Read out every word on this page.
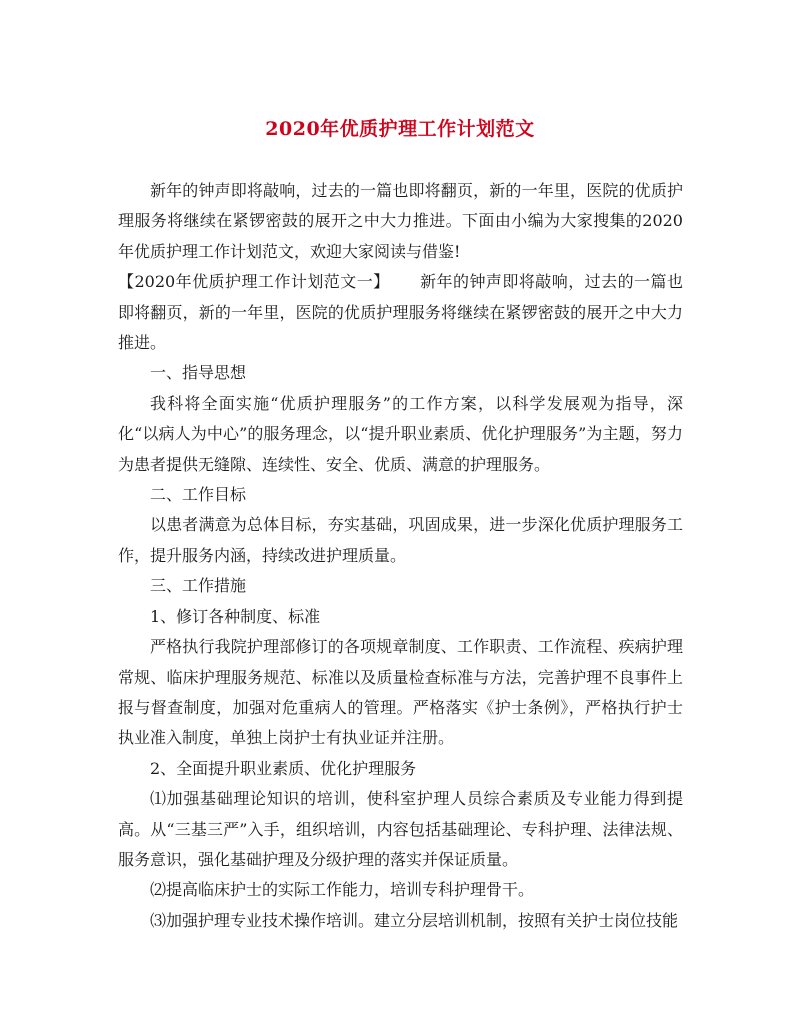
2020年优质护理工作计划范文

新年的钟声即将敲响，过去的一篇也即将翻页，新的一年里，医院的优质护理服务将继续在紧锣密鼓的展开之中大力推进。下面由小编为大家搜集的2020年优质护理工作计划范文，欢迎大家阅读与借鉴!

【2020年优质护理工作计划范文一】 新年的钟声即将敲响，过去的一篇也即将翻页，新的一年里，医院的优质护理服务将继续在紧锣密鼓的展开之中大力推进。

一、指导思想

我科将全面实施“优质护理服务”的工作方案，以科学发展观为指导，深化“以病人为中心”的服务理念，以“提升职业素质、优化护理服务”为主题，努力为患者提供无缝隙、连续性、安全、优质、满意的护理服务。

二、工作目标

以患者满意为总体目标，夯实基础，巩固成果，进一步深化优质护理服务工作，提升服务内涵，持续改进护理质量。

三、工作措施

1、修订各种制度、标准

严格执行我院护理部修订的各项规章制度、工作职责、工作流程、疾病护理常规、临床护理服务规范、标准以及质量检查标准与方法，完善护理不良事件上报与督查制度，加强对危重病人的管理。严格落实《护士条例》，严格执行护士执业准入制度，单独上岗护士有执业证并注册。

2、全面提升职业素质、优化护理服务

⑴加强基础理论知识的培训，使科室护理人员综合素质及专业能力得到提高。从“三基三严”入手，组织培训，内容包括基础理论、专科护理、法律法规、服务意识，强化基础护理及分级护理的落实并保证质量。

⑵提高临床护士的实际工作能力，培训专科护理骨干。

⑶加强护理专业技术操作培训。建立分层培训机制，按照有关护士岗位技能
